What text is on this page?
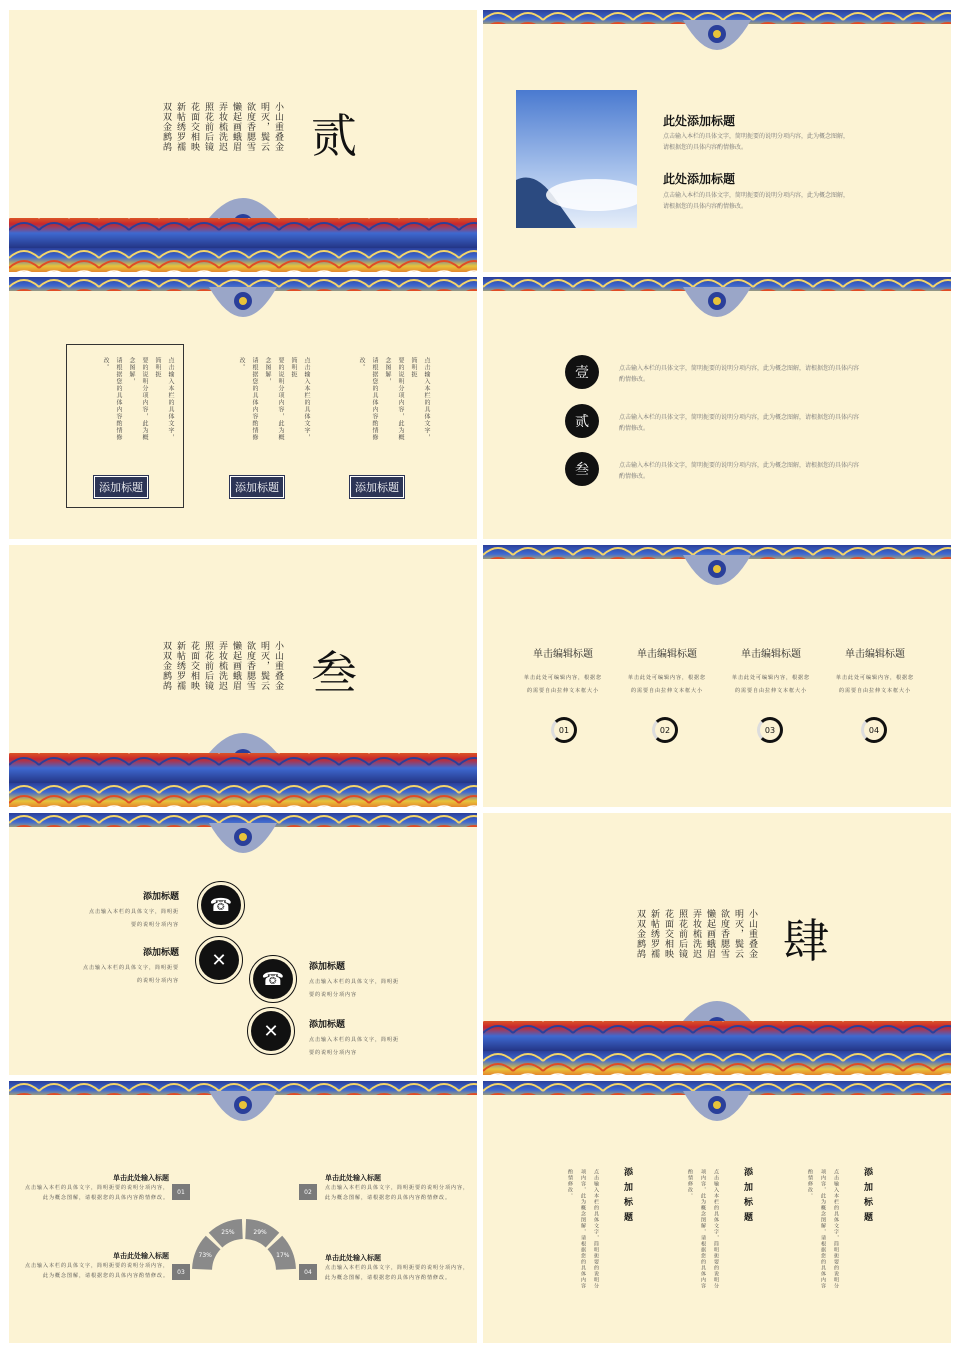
小山重叠金
明灭，鬓云
欲度香腮雪
懒起画蛾眉
弄妆梳洗迟
照花前后镜
花面交相映
新帖绣罗襦
双双金鹧鸪	贰	此处添加标题
点击输入本栏的具体文字，简明扼要的说明分项内容，此为概念图解，
请根据您的具体内容酌情修改。
此处添加标题
点击输入本栏的具体文字，简明扼要的说明分项内容，此为概念图解，
请根据您的具体内容酌情修改。
点击输入本栏的具体文字，简明扼
要的说明分项内容，此为概念图解，
请根据您的具体内容酌情修改。
添加标题
点击输入本栏的具体文字，简明扼
要的说明分项内容，此为概念图解，
请根据您的具体内容酌情修改。
添加标题
点击输入本栏的具体文字，简明扼
要的说明分项内容，此为概念图解，
请根据您的具体内容酌情修改。
添加标题
壹	点击输入本栏的具体文字，简明扼要的说明分项内容，此为概念图解，请根据您的具体内容
酌情修改。
贰	点击输入本栏的具体文字，简明扼要的说明分项内容，此为概念图解，请根据您的具体内容
酌情修改。
叁	点击输入本栏的具体文字，简明扼要的说明分项内容，此为概念图解，请根据您的具体内容
酌情修改。
小山重叠金
明灭，鬓云
欲度香腮雪
懒起画蛾眉
弄妆梳洗迟
照花前后镜
花面交相映
新帖绣罗襦
双双金鹧鸪	叁	单击编辑标题
单击此处可编辑内容，根据您
的需要自由拉伸文本框大小
01
单击编辑标题
单击此处可编辑内容，根据您
的需要自由拉伸文本框大小
02
单击编辑标题
单击此处可编辑内容，根据您
的需要自由拉伸文本框大小
03
单击编辑标题
单击此处可编辑内容，根据您
的需要自由拉伸文本框大小
04
添加标题
点击输入本栏的具体文字，简明扼
要的说明分项内容
☎
添加标题
点击输入本栏的具体文字，简明扼要
的说明分项内容
✕
☎
添加标题
点击输入本栏的具体文字，简明扼
要的说明分项内容
✕	添加标题
点击输入本栏的具体文字，简明扼
要的说明分项内容
小山重叠金
明灭，鬓云
欲度香腮雪
懒起画蛾眉
弄妆梳洗迟
照花前后镜
花面交相映
新帖绣罗襦
双双金鹧鸪	肆
单击此处输入标题
点击输入本栏的具体文字，简明扼要的说明分项内容，
此为概念图解，请根据您的具体内容酌情修改。
01
单击此处输入标题
点击输入本栏的具体文字，简明扼要的说明分项内容，
此为概念图解，请根据您的具体内容酌情修改。
03
02
单击此处输入标题
点击输入本栏的具体文字，简明扼要的说明分项内容，
此为概念图解，请根据您的具体内容酌情修改。
04
单击此处输入标题
点击输入本栏的具体文字，简明扼要的说明分项内容，
此为概念图解，请根据您的具体内容酌情修改。
73%
25%	29%
17%
添加标题
点击输入本栏的具体文字，简明扼要的说明分
项内容，此为概念图解，请根据您的具体内容
酌情修改。	添加标题
点击输入本栏的具体文字，简明扼要的说明分
项内容，此为概念图解，请根据您的具体内容
酌情修改。	添加标题
点击输入本栏的具体文字，简明扼要的说明分
项内容，此为概念图解，请根据您的具体内容
酌情修改。
